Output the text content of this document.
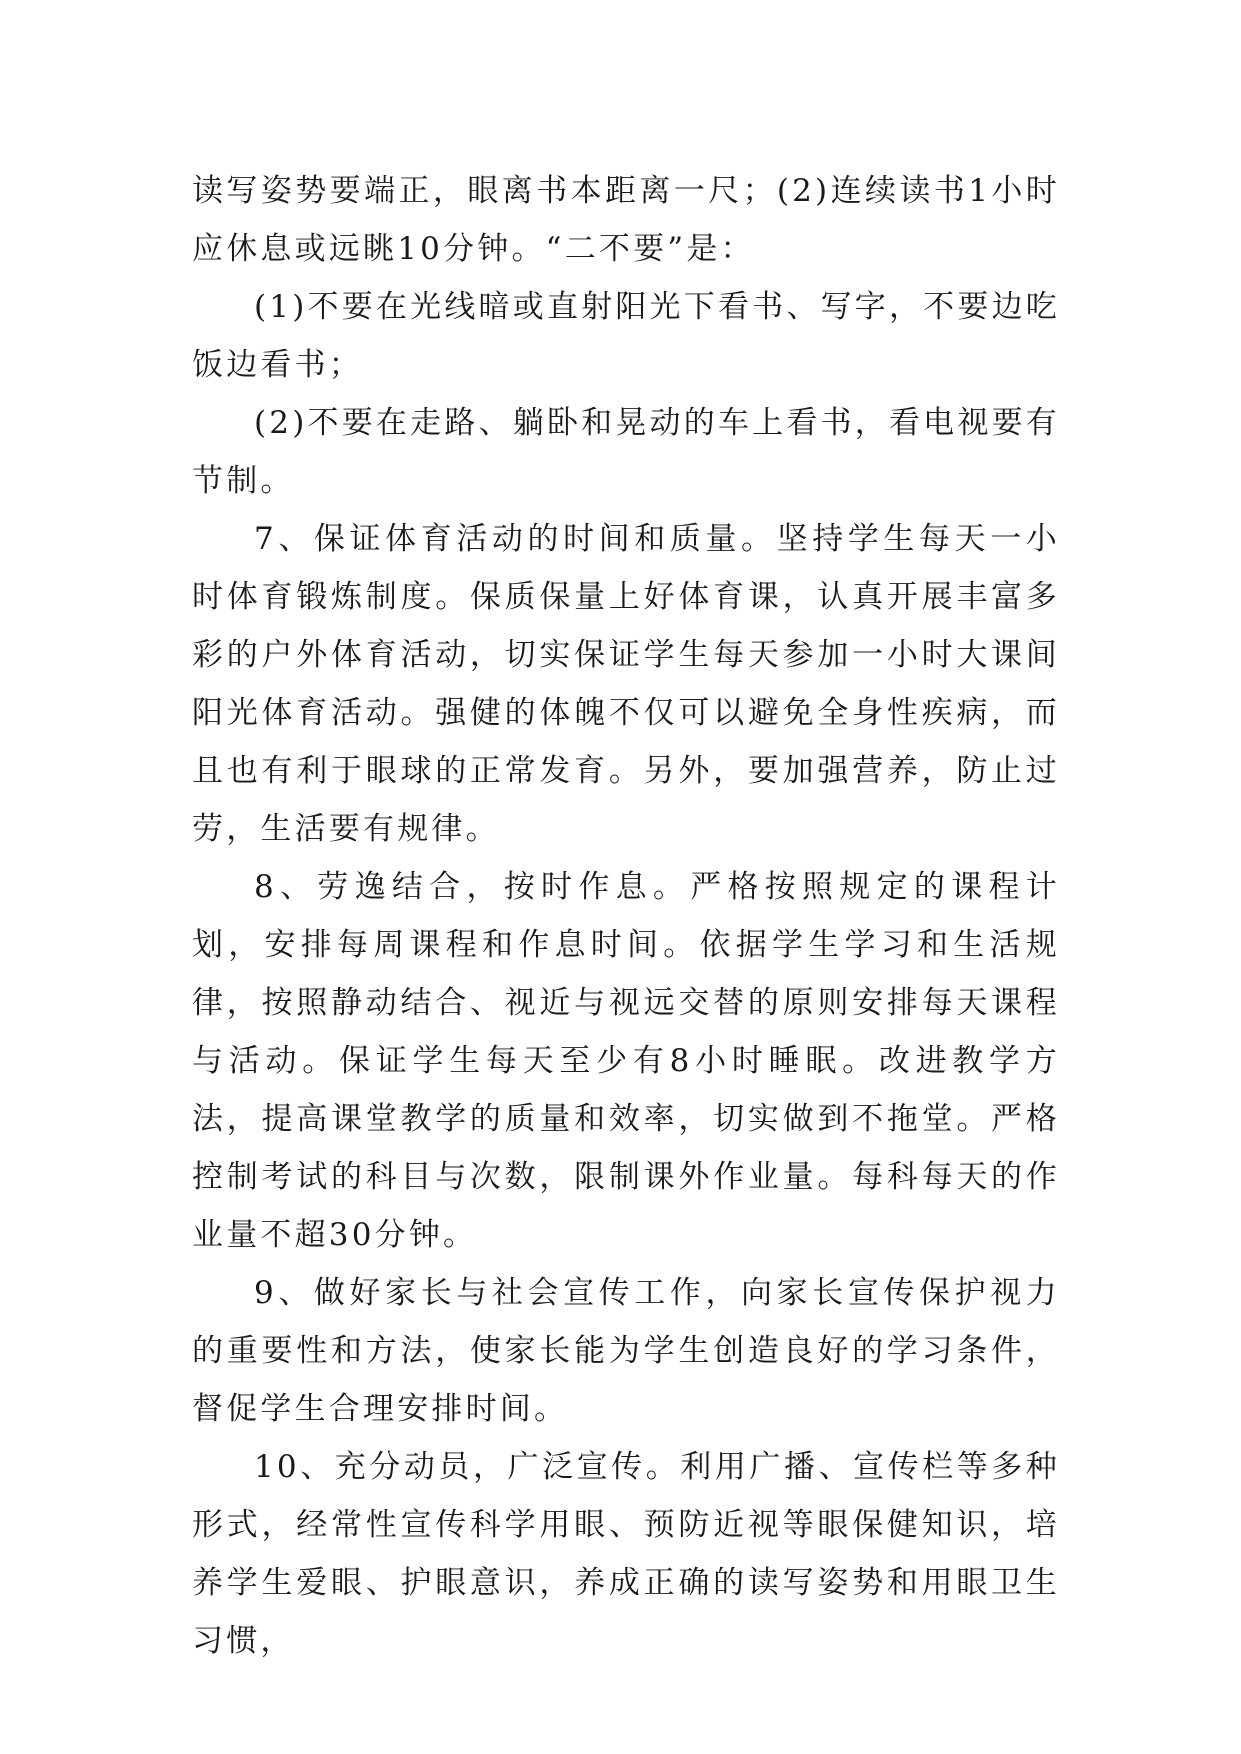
读写姿势要端正，眼离书本距离一尺；(2)连续读书1小时应休息或远眺10分钟。“二不要”是：

(1)不要在光线暗或直射阳光下看书、写字，不要边吃饭边看书；

(2)不要在走路、躺卧和晃动的车上看书，看电视要有节制。

7、保证体育活动的时间和质量。坚持学生每天一小时体育锻炼制度。保质保量上好体育课，认真开展丰富多彩的户外体育活动，切实保证学生每天参加一小时大课间阳光体育活动。强健的体魄不仅可以避免全身性疾病，而且也有利于眼球的正常发育。另外，要加强营养，防止过劳，生活要有规律。

8、劳逸结合，按时作息。严格按照规定的课程计划，安排每周课程和作息时间。依据学生学习和生活规律，按照静动结合、视近与视远交替的原则安排每天课程与活动。保证学生每天至少有8小时睡眠。改进教学方法，提高课堂教学的质量和效率，切实做到不拖堂。严格控制考试的科目与次数，限制课外作业量。每科每天的作业量不超30分钟。

9、做好家长与社会宣传工作，向家长宣传保护视力的重要性和方法，使家长能为学生创造良好的学习条件，督促学生合理安排时间。

10、充分动员，广泛宣传。利用广播、宣传栏等多种形式，经常性宣传科学用眼、预防近视等眼保健知识，培养学生爱眼、护眼意识，养成正确的读写姿势和用眼卫生习惯，
